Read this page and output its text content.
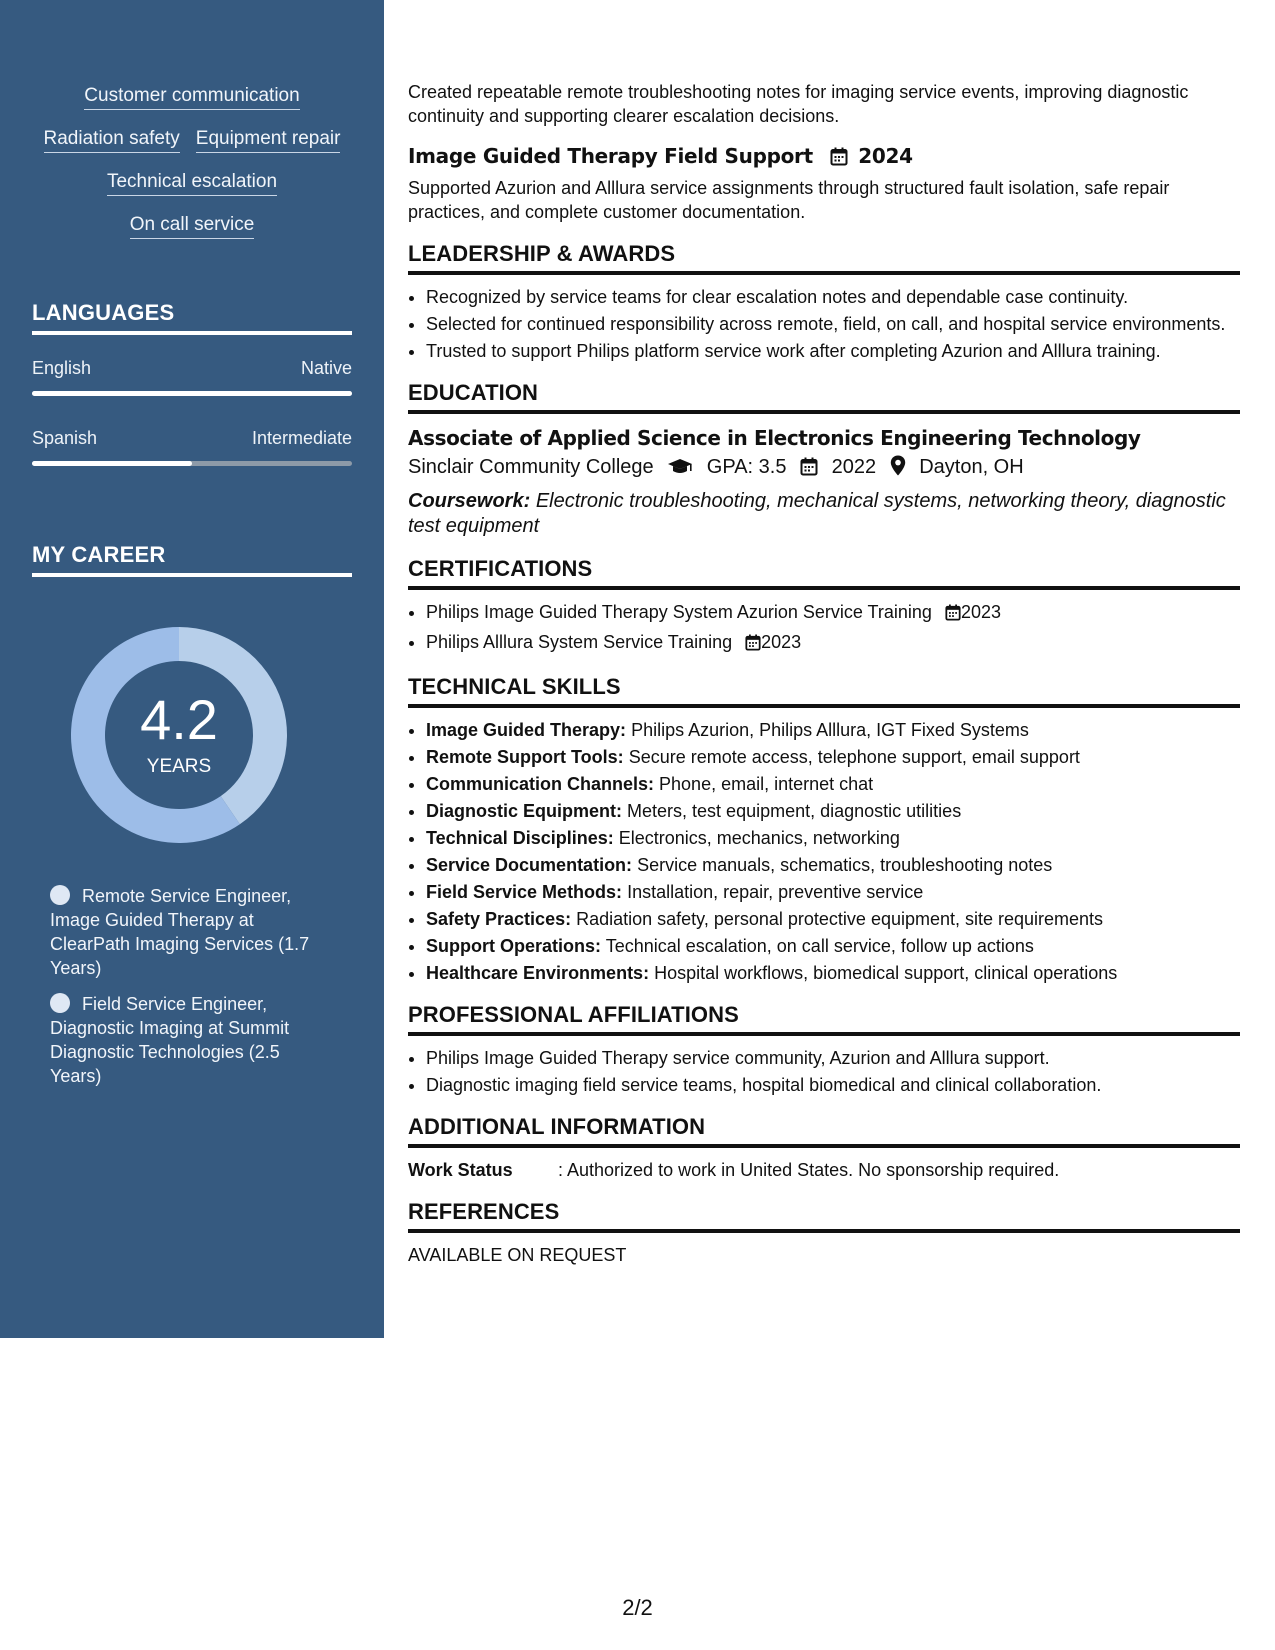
Customer communication
Radiation safety Equipment repair
Technical escalation
On call service
LANGUAGES
English	Native
Spanish	Intermediate
MY CAREER
4.2
YEARS
Remote Service Engineer, Image Guided Therapy at ClearPath Imaging Services (1.7 Years)
Field Service Engineer, Diagnostic Imaging at Summit Diagnostic Technologies (2.5 Years)

Created repeatable remote troubleshooting notes for imaging service events, improving diagnostic continuity and supporting clearer escalation decisions.

Image Guided Therapy Field Support 2024

Supported Azurion and Alllura service assignments through structured fault isolation, safe repair practices, and complete customer documentation.

LEADERSHIP & AWARDS
• Recognized by service teams for clear escalation notes and dependable case continuity.
• Selected for continued responsibility across remote, field, on call, and hospital service environments.
• Trusted to support Philips platform service work after completing Azurion and Alllura training.
EDUCATION
Associate of Applied Science in Electronics Engineering Technology
Sinclair Community College	GPA: 3.5 2022 Dayton, OH
Coursework: Electronic troubleshooting, mechanical systems, networking theory, diagnostic test equipment
CERTIFICATIONS
• Philips Image Guided Therapy System Azurion Service Training 2023
• Philips Alllura System Service Training 2023
TECHNICAL SKILLS
• Image Guided Therapy: Philips Azurion, Philips Alllura, IGT Fixed Systems
• Remote Support Tools: Secure remote access, telephone support, email support
• Communication Channels: Phone, email, internet chat
• Diagnostic Equipment: Meters, test equipment, diagnostic utilities
• Technical Disciplines: Electronics, mechanics, networking
• Service Documentation: Service manuals, schematics, troubleshooting notes
• Field Service Methods: Installation, repair, preventive service
• Safety Practices: Radiation safety, personal protective equipment, site requirements
• Support Operations: Technical escalation, on call service, follow up actions
• Healthcare Environments: Hospital workflows, biomedical support, clinical operations
PROFESSIONAL AFFILIATIONS
• Philips Image Guided Therapy service community, Azurion and Alllura support.
• Diagnostic imaging field service teams, hospital biomedical and clinical collaboration.
ADDITIONAL INFORMATION
Work Status	: Authorized to work in United States. No sponsorship required.
REFERENCES
AVAILABLE ON REQUEST
2/2
